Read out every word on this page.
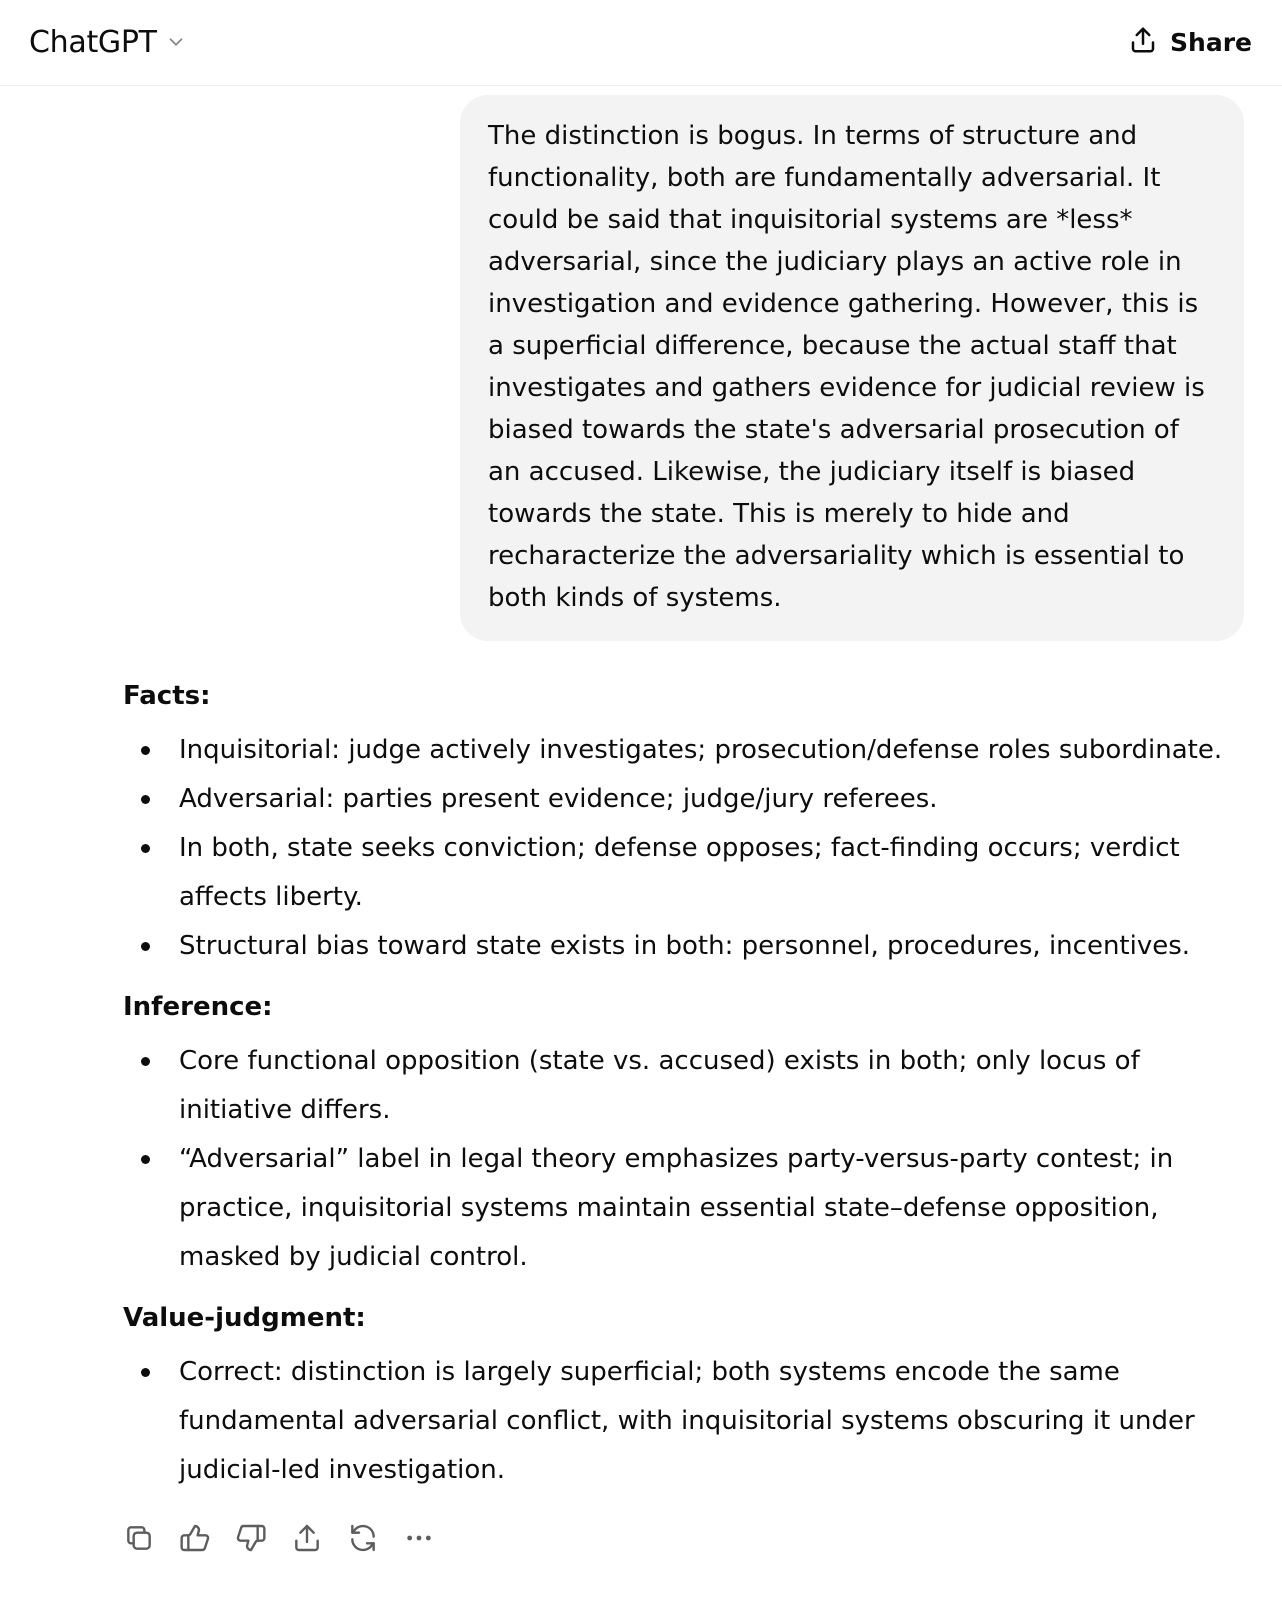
ChatGPT	Share
The distinction is bogus. In terms of structure and functionality, both are fundamentally adversarial. It could be said that inquisitorial systems are *less* adversarial, since the judiciary plays an active role in investigation and evidence gathering. However, this is a superficial difference, because the actual staff that investigates and gathers evidence for judicial review is biased towards the state's adversarial prosecution of an accused. Likewise, the judiciary itself is biased towards the state. This is merely to hide and recharacterize the adversariality which is essential to both kinds of systems.

Facts:

Inquisitorial: judge actively investigates; prosecution/defense roles subordinate.
Adversarial: parties present evidence; judge/jury referees.
In both, state seeks conviction; defense opposes; fact-finding occurs; verdict affects liberty.
Structural bias toward state exists in both: personnel, procedures, incentives.

Inference:

Core functional opposition (state vs. accused) exists in both; only locus of initiative differs.
“Adversarial” label in legal theory emphasizes party-versus-party contest; in practice, inquisitorial systems maintain essential state–defense opposition, masked by judicial control.

Value-judgment:

Correct: distinction is largely superficial; both systems encode the same fundamental adversarial conflict, with inquisitorial systems obscuring it under judicial-led investigation.
